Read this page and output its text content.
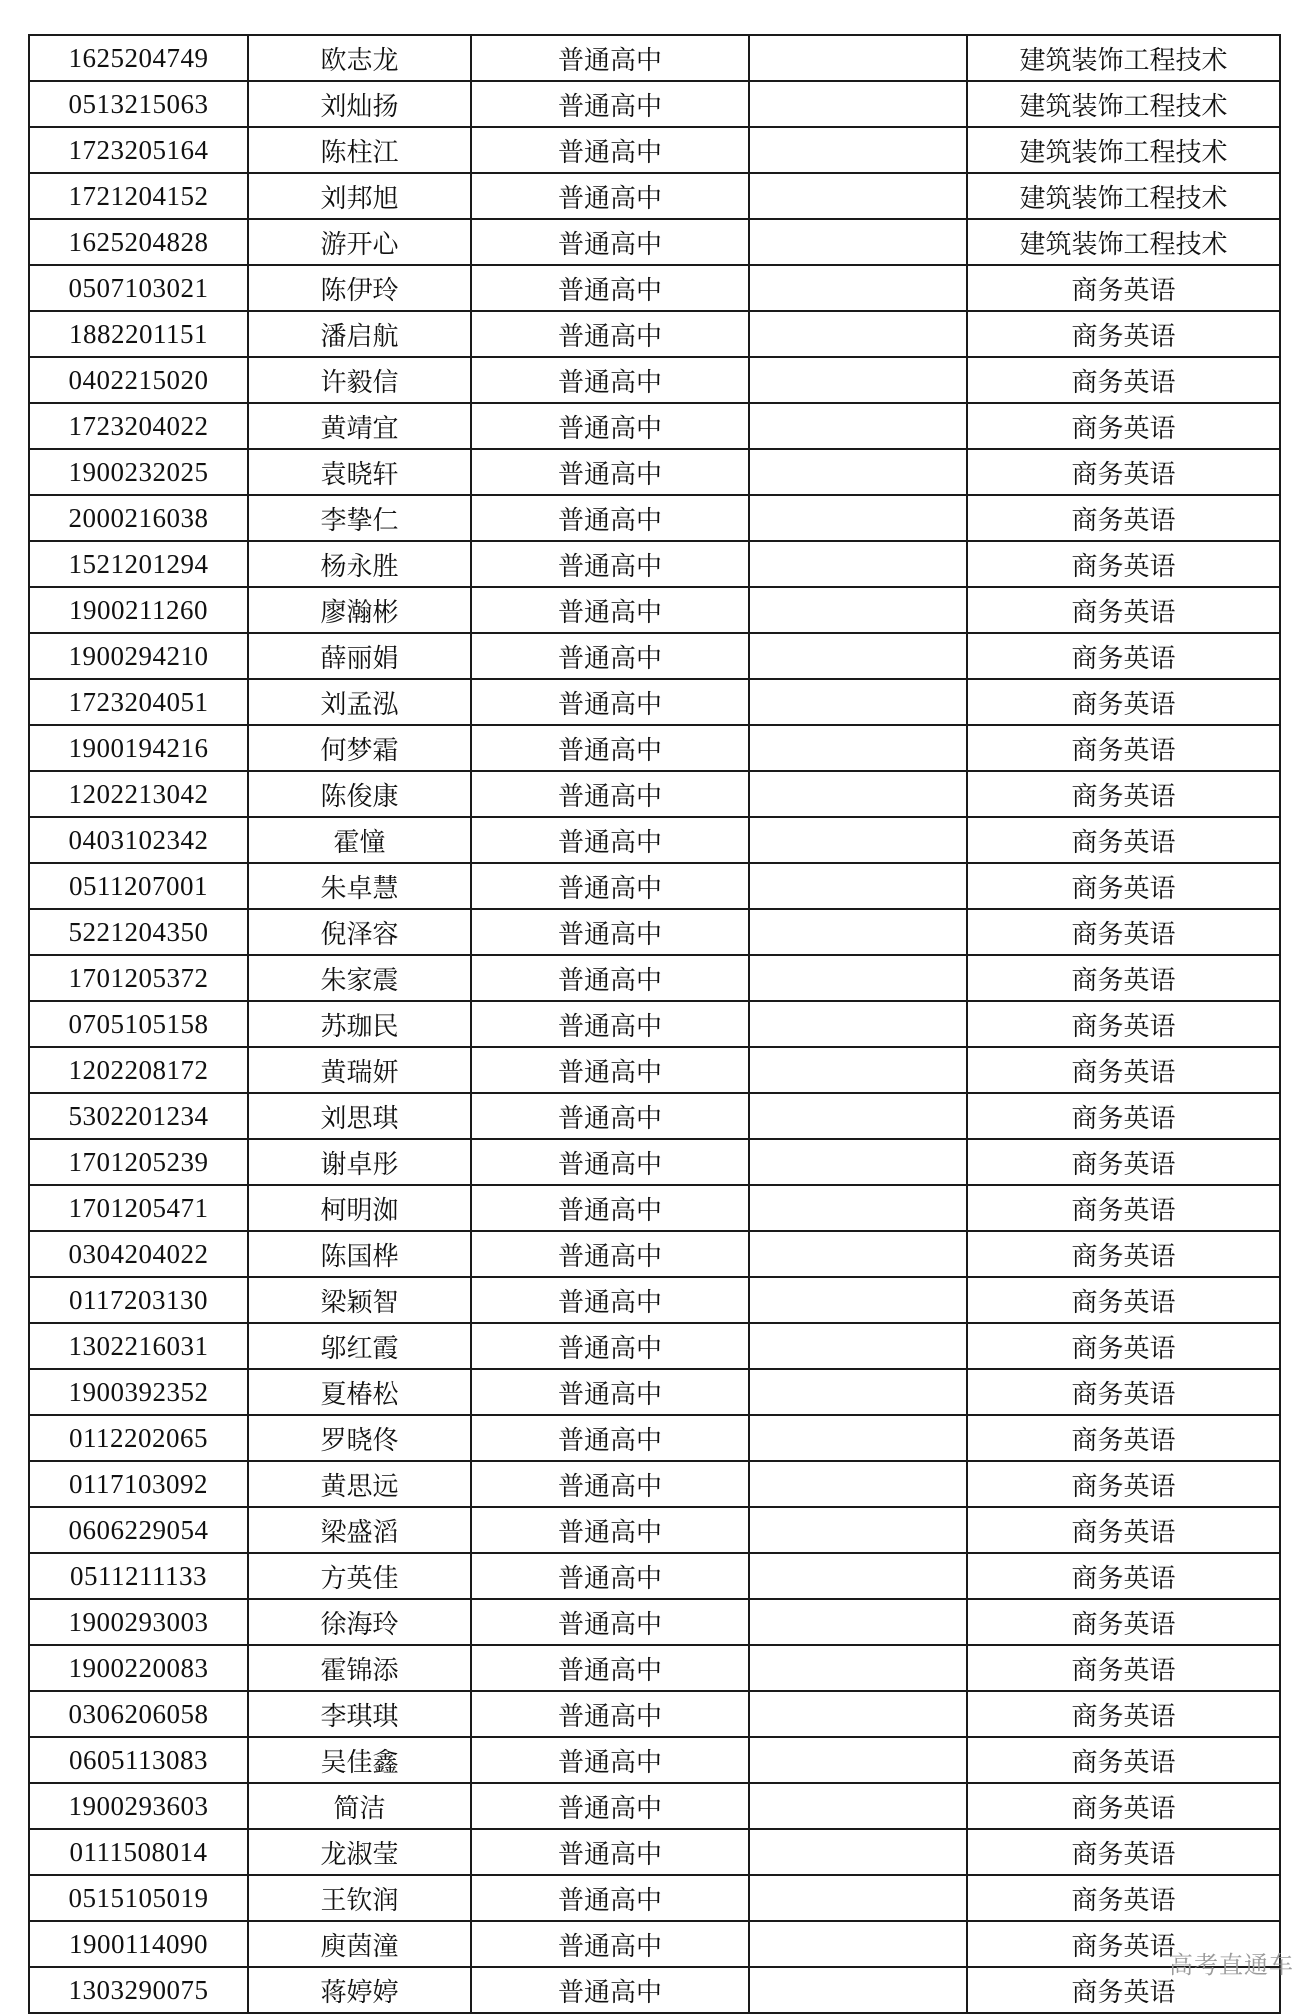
1625204749	欧志龙	普通高中		建筑装饰工程技术
0513215063	刘灿扬	普通高中		建筑装饰工程技术
1723205164	陈柱江	普通高中		建筑装饰工程技术
1721204152	刘邦旭	普通高中		建筑装饰工程技术
1625204828	游开心	普通高中		建筑装饰工程技术
0507103021	陈伊玲	普通高中		商务英语
1882201151	潘启航	普通高中		商务英语
0402215020	许毅信	普通高中		商务英语
1723204022	黄靖宜	普通高中		商务英语
1900232025	袁晓轩	普通高中		商务英语
2000216038	李挚仁	普通高中		商务英语
1521201294	杨永胜	普通高中		商务英语
1900211260	廖瀚彬	普通高中		商务英语
1900294210	薛丽娟	普通高中		商务英语
1723204051	刘孟泓	普通高中		商务英语
1900194216	何梦霜	普通高中		商务英语
1202213042	陈俊康	普通高中		商务英语
0403102342	霍憧	普通高中		商务英语
0511207001	朱卓慧	普通高中		商务英语
5221204350	倪泽容	普通高中		商务英语
1701205372	朱家震	普通高中		商务英语
0705105158	苏珈民	普通高中		商务英语
1202208172	黄瑞妍	普通高中		商务英语
5302201234	刘思琪	普通高中		商务英语
1701205239	谢卓彤	普通高中		商务英语
1701205471	柯明洳	普通高中		商务英语
0304204022	陈国桦	普通高中		商务英语
0117203130	梁颖智	普通高中		商务英语
1302216031	邬红霞	普通高中		商务英语
1900392352	夏椿松	普通高中		商务英语
0112202065	罗晓佟	普通高中		商务英语
0117103092	黄思远	普通高中		商务英语
0606229054	梁盛滔	普通高中		商务英语
0511211133	方英佳	普通高中		商务英语
1900293003	徐海玲	普通高中		商务英语
1900220083	霍锦添	普通高中		商务英语
0306206058	李琪琪	普通高中		商务英语
0605113083	吴佳鑫	普通高中		商务英语
1900293603	简洁	普通高中		商务英语
0111508014	龙淑莹	普通高中		商务英语
0515105019	王钦润	普通高中		商务英语
1900114090	庾茵潼	普通高中		商务英语
1303290075	蒋婷婷	普通高中		商务英语
高考直通车
